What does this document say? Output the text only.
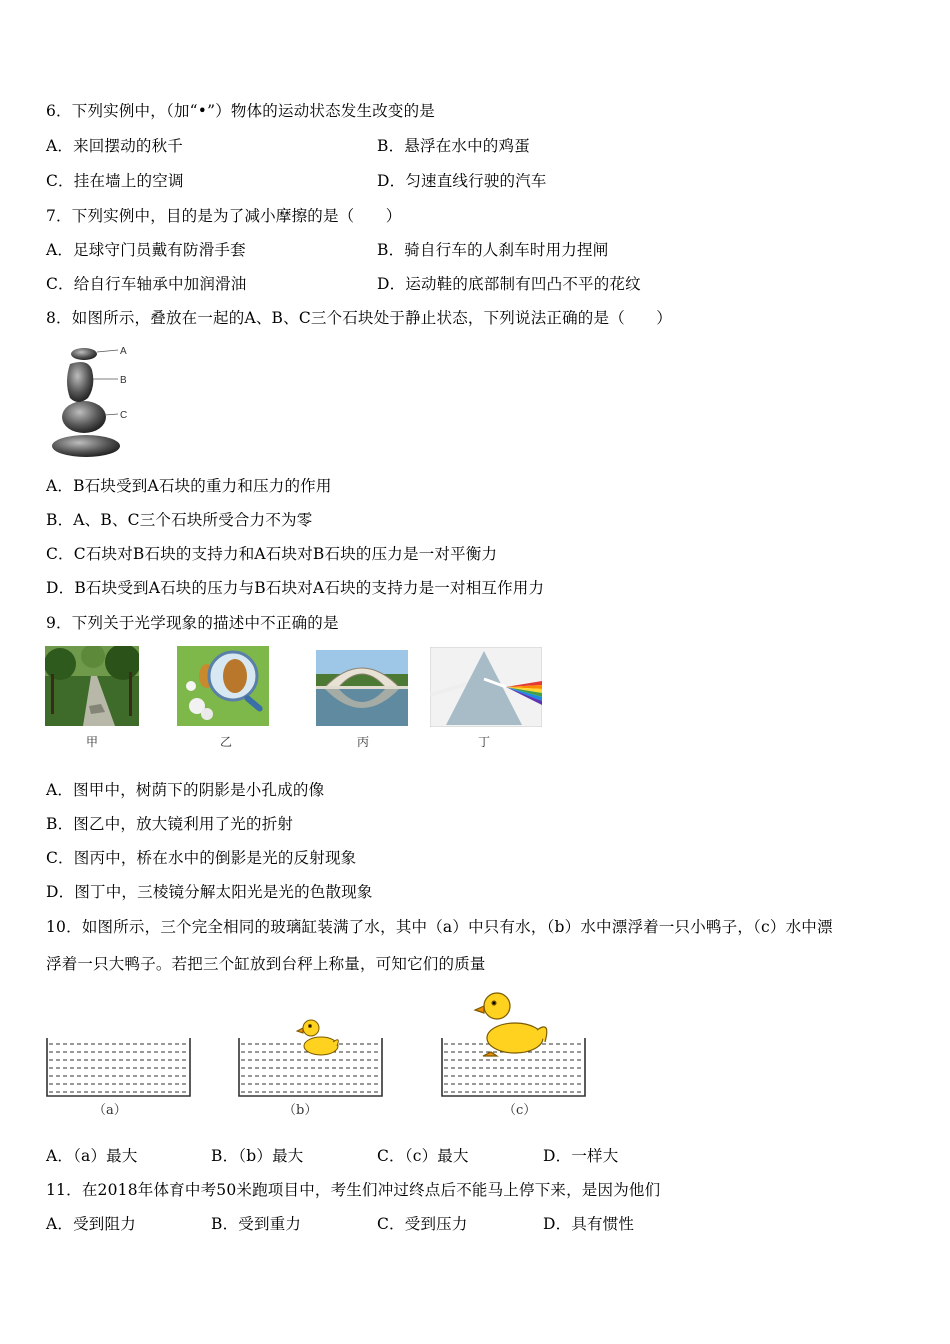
6．下列实例中，（加“•”）物体的运动状态发生改变的是
A．来回摆动的秋千	B．悬浮在水中的鸡蛋
C．挂在墙上的空调	D．匀速直线行驶的汽车
7．下列实例中，目的是为了减小摩擦的是（　　）
A．足球守门员戴有防滑手套	B．骑自行车的人刹车时用力捏闸
C．给自行车轴承中加润滑油	D．运动鞋的底部制有凹凸不平的花纹
8．如图所示，叠放在一起的A、B、C三个石块处于静止状态，下列说法正确的是（　　）
A
B
C
A．B石块受到A石块的重力和压力的作用
B．A、B、C三个石块所受合力不为零
C．C石块对B石块的支持力和A石块对B石块的压力是一对平衡力
D．B石块受到A石块的压力与B石块对A石块的支持力是一对相互作用力
9．下列关于光学现象的描述中不正确的是
甲	乙	丙	丁
A．图甲中，树荫下的阴影是小孔成的像
B．图乙中，放大镜利用了光的折射
C．图丙中，桥在水中的倒影是光的反射现象
D．图丁中，三棱镜分解太阳光是光的色散现象
10．如图所示，三个完全相同的玻璃缸装满了水，其中（a）中只有水，（b）水中漂浮着一只小鸭子，（c）水中漂
浮着一只大鸭子。若把三个缸放到台秤上称量，可知它们的质量
（a）	（b）	（c）
A．（a）最大	B．（b）最大	C．（c）最大	D．一样大
11．在2018年体育中考50米跑项目中，考生们冲过终点后不能马上停下来，是因为他们
A．受到阻力	B．受到重力	C．受到压力	D．具有惯性
